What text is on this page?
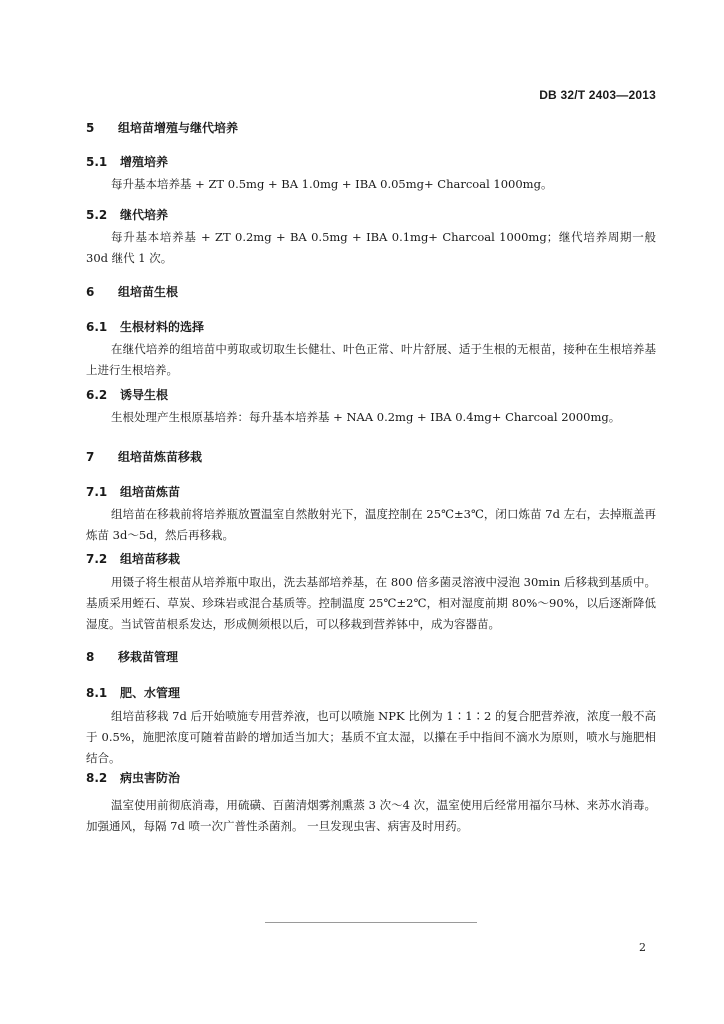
DB 32/T 2403—2013
5 组培苗增殖与继代培养
5.1 增殖培养
每升基本培养基 + ZT 0.5mg + BA 1.0mg + IBA 0.05mg+ Charcoal 1000mg。
5.2 继代培养
每升基本培养基 + ZT 0.2mg + BA 0.5mg + IBA 0.1mg+ Charcoal 1000mg；继代培养周期一般 30d 继代 1 次。
6 组培苗生根
6.1 生根材料的选择
在继代培养的组培苗中剪取或切取生长健壮、叶色正常、叶片舒展、适于生根的无根苗，接种在生根培养基上进行生根培养。
6.2 诱导生根
生根处理产生根原基培养：每升基本培养基 + NAA 0.2mg + IBA 0.4mg+ Charcoal 2000mg。
7 组培苗炼苗移栽
7.1 组培苗炼苗
组培苗在移栽前将培养瓶放置温室自然散射光下，温度控制在 25℃±3℃，闭口炼苗 7d 左右，去掉瓶盖再炼苗 3d～5d，然后再移栽。
7.2 组培苗移栽
用镊子将生根苗从培养瓶中取出，洗去基部培养基，在 800 倍多菌灵溶液中浸泡 30min 后移栽到基质中。基质采用蛭石、草炭、珍珠岩或混合基质等。控制温度 25℃±2℃，相对湿度前期 80%～90%，以后逐渐降低湿度。当试管苗根系发达，形成侧须根以后，可以移栽到营养钵中，成为容器苗。
8 移栽苗管理
8.1 肥、水管理
组培苗移栽 7d 后开始喷施专用营养液，也可以喷施 NPK 比例为 1∶1∶2 的复合肥营养液，浓度一般不高于 0.5%，施肥浓度可随着苗龄的增加适当加大；基质不宜太湿，以攥在手中指间不滴水为原则，喷水与施肥相结合。
8.2 病虫害防治
温室使用前彻底消毒，用硫磺、百菌清烟雾剂熏蒸 3 次～4 次，温室使用后经常用福尔马林、来苏水消毒。加强通风，每隔 7d 喷一次广普性杀菌剂。 一旦发现虫害、病害及时用药。
2
